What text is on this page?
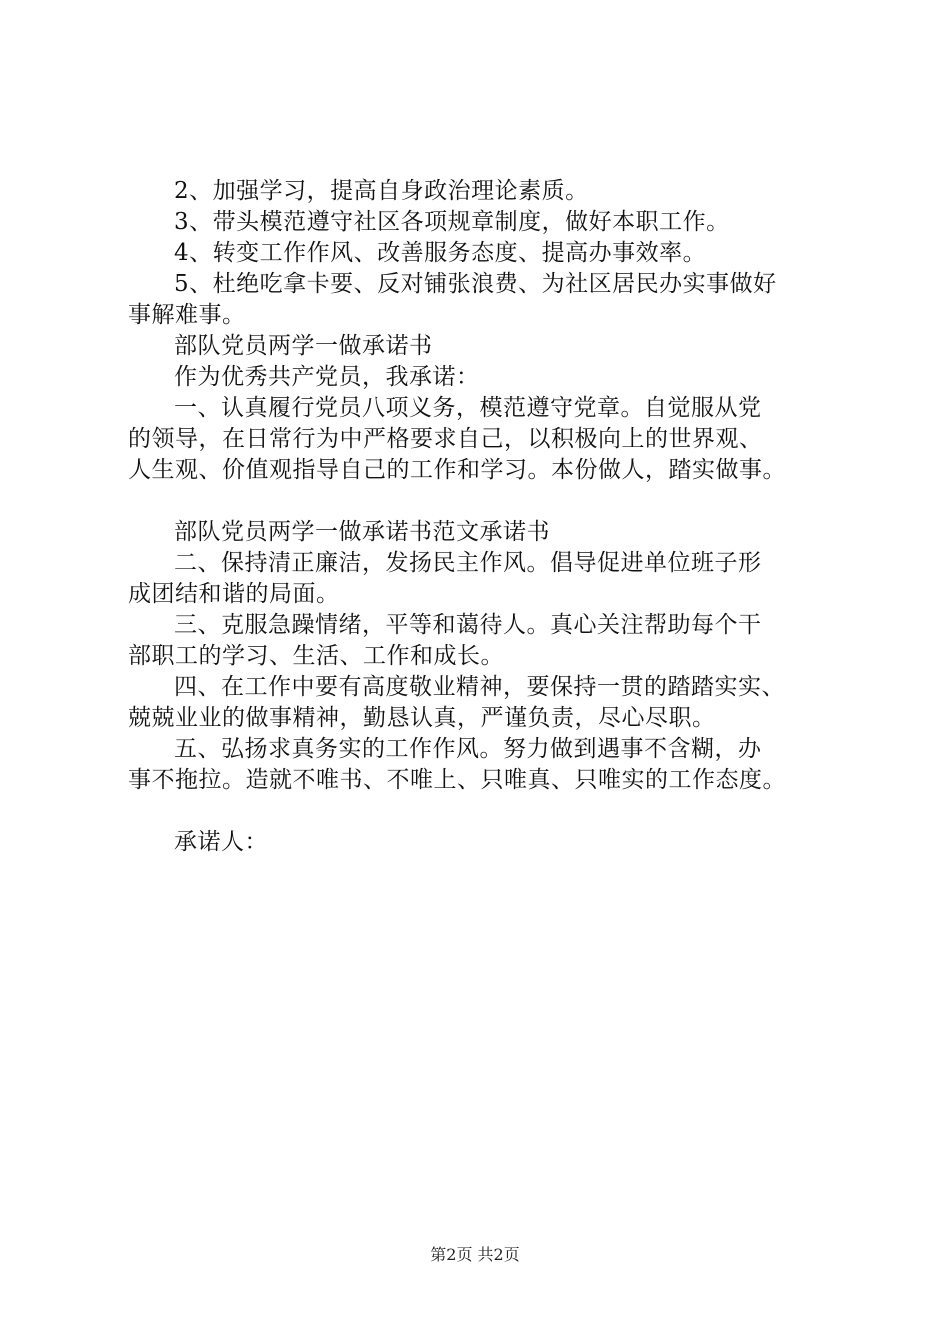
2、加强学习，提高自身政治理论素质。
3、带头模范遵守社区各项规章制度，做好本职工作。
4、转变工作作风、改善服务态度、提高办事效率。
5、杜绝吃拿卡要、反对铺张浪费、为社区居民办实事做好
事解难事。
部队党员两学一做承诺书
作为优秀共产党员，我承诺：
一、认真履行党员八项义务，模范遵守党章。自觉服从党
的领导，在日常行为中严格要求自己，以积极向上的世界观、
人生观、价值观指导自己的工作和学习。本份做人，踏实做事。
部队党员两学一做承诺书范文承诺书
二、保持清正廉洁，发扬民主作风。倡导促进单位班子形
成团结和谐的局面。
三、克服急躁情绪，平等和蔼待人。真心关注帮助每个干
部职工的学习、生活、工作和成长。
四、在工作中要有高度敬业精神，要保持一贯的踏踏实实、
兢兢业业的做事精神，勤恳认真，严谨负责，尽心尽职。
五、弘扬求真务实的工作作风。努力做到遇事不含糊，办
事不拖拉。造就不唯书、不唯上、只唯真、只唯实的工作态度。
承诺人：
第2页 共2页
